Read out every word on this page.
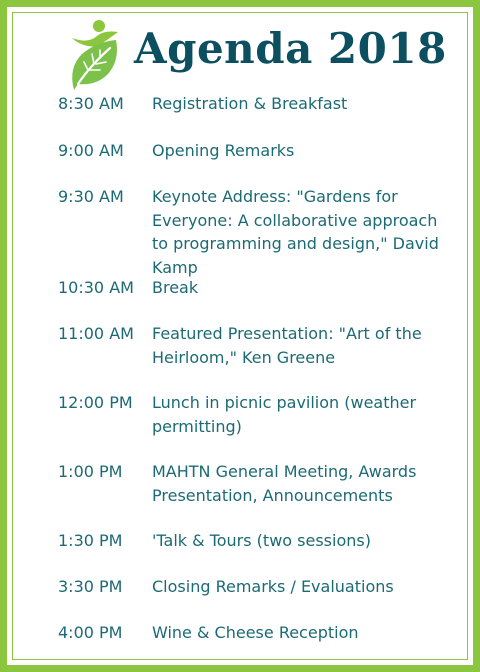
Agenda 2018
8:30 AM	Registration & Breakfast
9:00 AM	Opening Remarks
9:30 AM	Keynote Address: "Gardens for Everyone: A collaborative approach to programming and design," David Kamp
10:30 AM	Break
11:00 AM	Featured Presentation: "Art of the Heirloom," Ken Greene
12:00 PM	Lunch in picnic pavilion (weather permitting)
1:00 PM	MAHTN General Meeting, Awards Presentation, Announcements
1:30 PM	'Talk & Tours (two sessions)
3:30 PM	Closing Remarks / Evaluations
4:00 PM	Wine & Cheese Reception
